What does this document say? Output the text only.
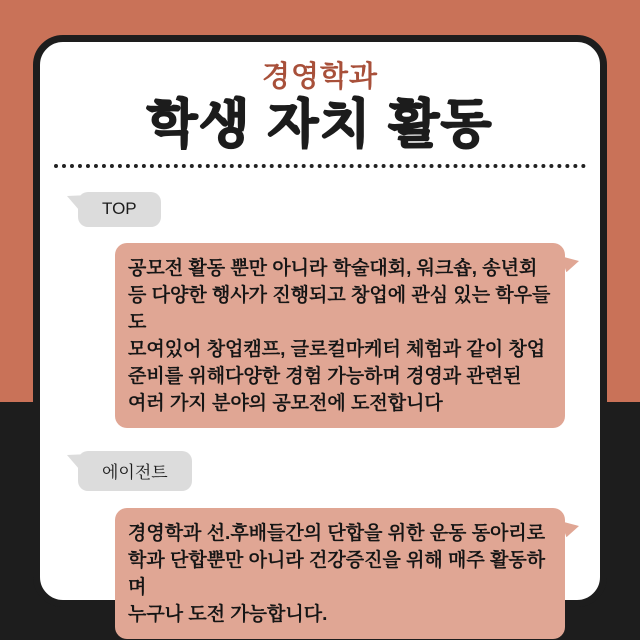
경영학과
학생 자치 활동
TOP
공모전 활동 뿐만 아니라 학술대회, 워크숍, 송년회
등 다양한 행사가 진행되고 창업에 관심 있는 학우들도
모여있어 창업캠프, 글로컬마케터 체험과 같이 창업
준비를 위해다양한 경험 가능하며 경영과 관련된
여러 가지 분야의 공모전에 도전합니다
에이전트
경영학과 선.후배들간의 단합을 위한 운동 동아리로
학과 단합뿐만 아니라 건강증진을 위해 매주 활동하며
누구나 도전 가능합니다.
